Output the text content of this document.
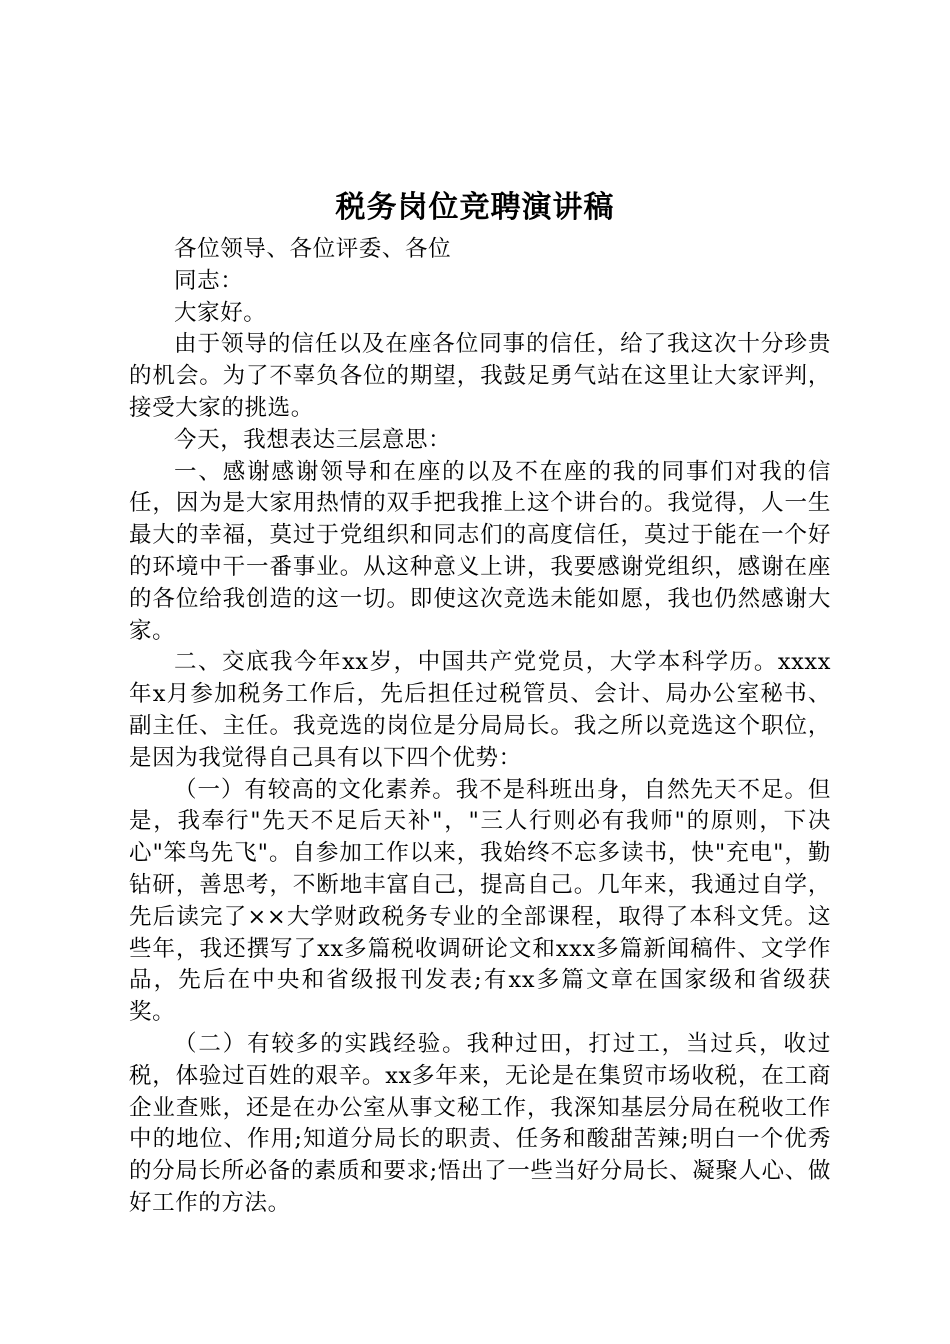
税务岗位竞聘演讲稿

各位领导、各位评委、各位

同志：

大家好。

由于领导的信任以及在座各位同事的信任，给了我这次十分珍贵的机会。为了不辜负各位的期望，我鼓足勇气站在这里让大家评判，接受大家的挑选。

今天，我想表达三层意思：

一、感谢感谢领导和在座的以及不在座的我的同事们对我的信任，因为是大家用热情的双手把我推上这个讲台的。我觉得，人一生最大的幸福，莫过于党组织和同志们的高度信任，莫过于能在一个好的环境中干一番事业。从这种意义上讲，我要感谢党组织，感谢在座的各位给我创造的这一切。即使这次竞选未能如愿，我也仍然感谢大家。

二、交底我今年xx岁，中国共产党党员，大学本科学历。xxxx年x月参加税务工作后，先后担任过税管员、会计、局办公室秘书、副主任、主任。我竞选的岗位是分局局长。我之所以竞选这个职位，是因为我觉得自己具有以下四个优势：

（一）有较高的文化素养。我不是科班出身，自然先天不足。但是，我奉行"先天不足后天补"，"三人行则必有我师"的原则，下决心"笨鸟先飞"。自参加工作以来，我始终不忘多读书，快"充电"，勤钻研，善思考，不断地丰富自己，提高自己。几年来，我通过自学，先后读完了××大学财政税务专业的全部课程，取得了本科文凭。这些年，我还撰写了xx多篇税收调研论文和xxx多篇新闻稿件、文学作品，先后在中央和省级报刊发表;有xx多篇文章在国家级和省级获奖。

（二）有较多的实践经验。我种过田，打过工，当过兵，收过税，体验过百姓的艰辛。xx多年来，无论是在集贸市场收税，在工商企业查账，还是在办公室从事文秘工作，我深知基层分局在税收工作中的地位、作用;知道分局长的职责、任务和酸甜苦辣;明白一个优秀的分局长所必备的素质和要求;悟出了一些当好分局长、凝聚人心、做好工作的方法。
